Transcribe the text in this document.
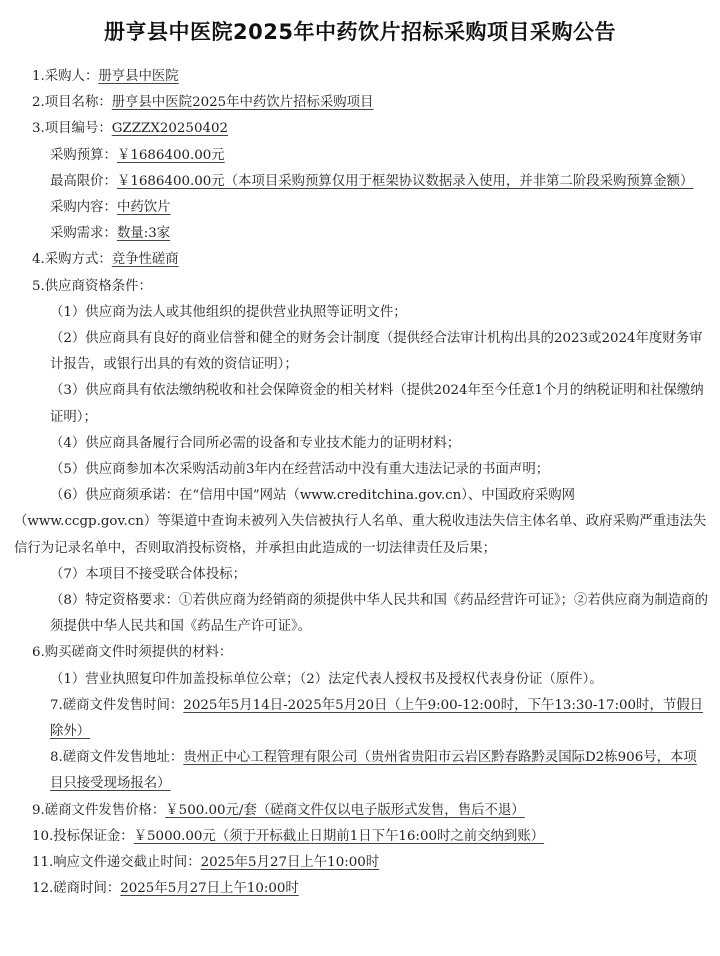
册亨县中医院2025年中药饮片招标采购项目采购公告
1.采购人：册亨县中医院
2.项目名称：册亨县中医院2025年中药饮片招标采购项目
3.项目编号：GZZZX20250402
采购预算：￥1686400.00元
最高限价：￥1686400.00元（本项目采购预算仅用于框架协议数据录入使用，并非第二阶段采购预算金额）
采购内容：中药饮片
采购需求：数量:3家
4.采购方式：竞争性磋商
5.供应商资格条件：
（1）供应商为法人或其他组织的提供营业执照等证明文件；
（2）供应商具有良好的商业信誉和健全的财务会计制度（提供经合法审计机构出具的2023或2024年度财务审计报告，或银行出具的有效的资信证明）；
（3）供应商具有依法缴纳税收和社会保障资金的相关材料（提供2024年至今任意1个月的纳税证明和社保缴纳证明）；
（4）供应商具备履行合同所必需的设备和专业技术能力的证明材料；
（5）供应商参加本次采购活动前3年内在经营活动中没有重大违法记录的书面声明；
（6）供应商须承诺：在“信用中国”网站（www.creditchina.gov.cn）、中国政府采购网
（www.ccgp.gov.cn）等渠道中查询未被列入失信被执行人名单、重大税收违法失信主体名单、政府采购严重违法失信行为记录名单中，否则取消投标资格，并承担由此造成的一切法律责任及后果；
（7）本项目不接受联合体投标；
（8）特定资格要求：①若供应商为经销商的须提供中华人民共和国《药品经营许可证》；②若供应商为制造商的须提供中华人民共和国《药品生产许可证》。
6.购买磋商文件时须提供的材料：
（1）营业执照复印件加盖投标单位公章；（2）法定代表人授权书及授权代表身份证（原件）。
7.磋商文件发售时间：2025年5月14日-2025年5月20日（上午9:00-12:00时，下午13:30-17:00时，节假日除外）
8.磋商文件发售地址：贵州正中心工程管理有限公司（贵州省贵阳市云岩区黔春路黔灵国际D2栋906号，本项目只接受现场报名）
9.磋商文件发售价格：￥500.00元/套（磋商文件仅以电子版形式发售，售后不退）
10.投标保证金：￥5000.00元（须于开标截止日期前1日下午16:00时之前交纳到账）
11.响应文件递交截止时间：2025年5月27日上午10:00时
12.磋商时间：2025年5月27日上午10:00时
